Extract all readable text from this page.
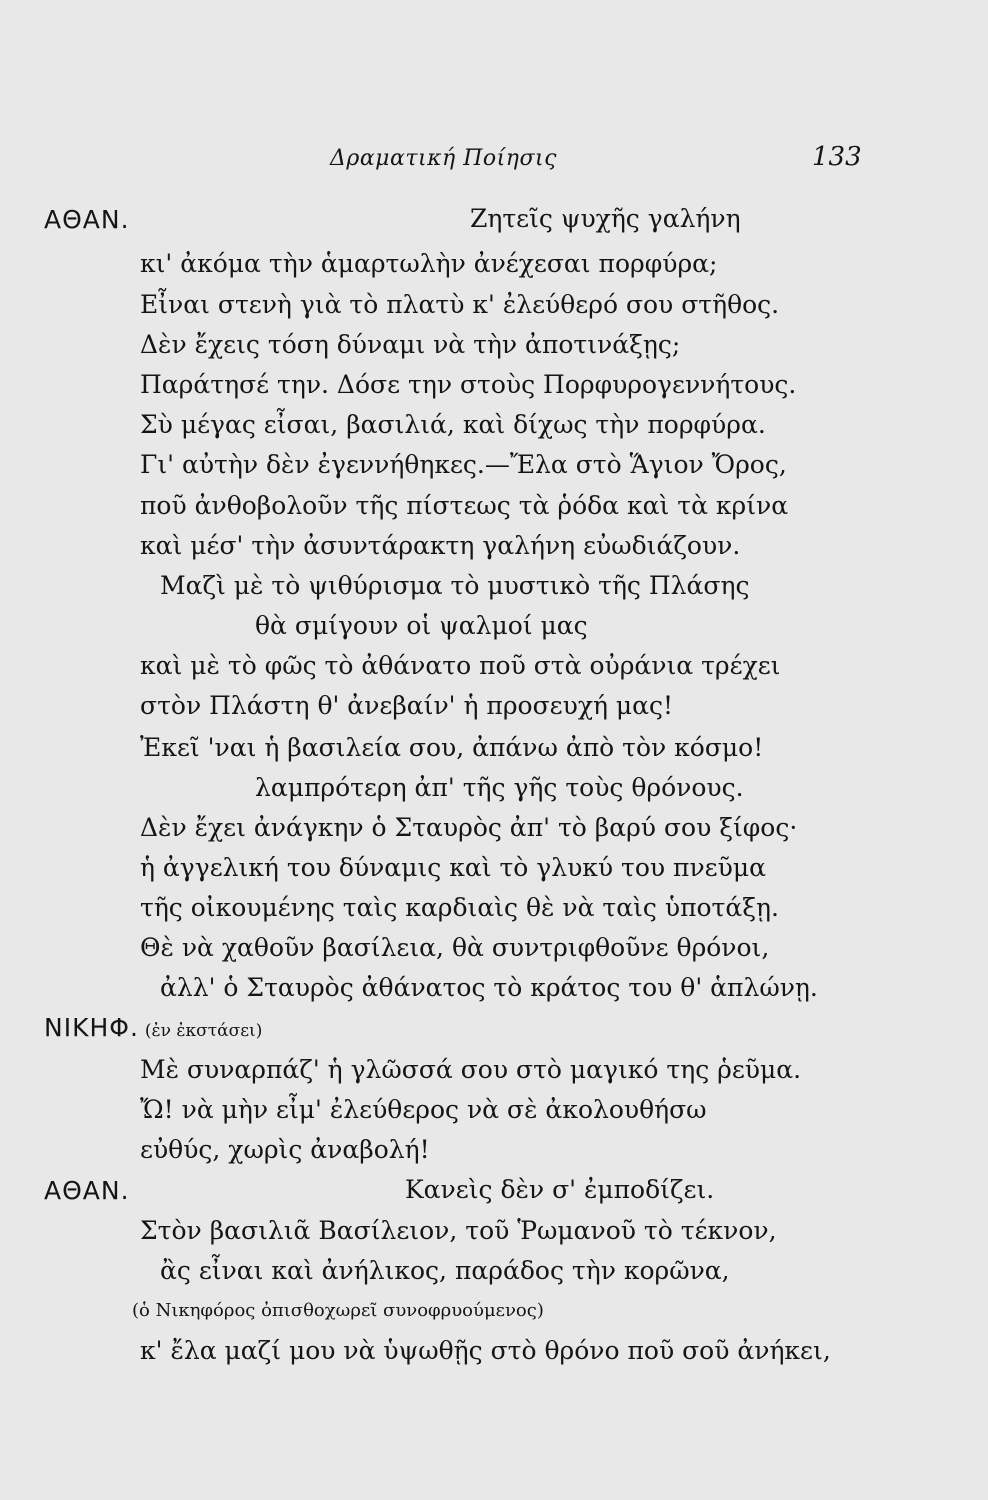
Δραματική Ποίησις	133
ΑΘΑΝ.	Ζητεῖς ψυχῆς γαλήνη
κι' ἀκόμα τὴν ἁμαρτωλὴν ἀνέχεσαι πορφύρα;
Εἶναι στενὴ γιὰ τὸ πλατὺ κ' ἐλεύθερό σου στῆθος.
Δὲν ἔχεις τόση δύναμι νὰ τὴν ἀποτινάξῃς;
Παράτησέ την. Δόσε την στοὺς Πορφυρογεννήτους.
Σὺ μέγας εἶσαι, βασιλιά, καὶ δίχως τὴν πορφύρα.
Γι' αὐτὴν δὲν ἐγεννήθηκες.—Ἔλα στὸ Ἅγιον Ὄρος,
ποῦ ἀνθοβολοῦν τῆς πίστεως τὰ ῥόδα καὶ τὰ κρίνα
καὶ μέσ' τὴν ἀσυντάρακτη γαλήνη εὐωδιάζουν.
Μαζὶ μὲ τὸ ψιθύρισμα τὸ μυστικὸ τῆς Πλάσης
θὰ σμίγουν οἱ ψαλμοί μας
καὶ μὲ τὸ φῶς τὸ ἀθάνατο ποῦ στὰ οὐράνια τρέχει
στὸν Πλάστη θ' ἀνεβαίν' ἡ προσευχή μας!
Ἐκεῖ 'ναι ἡ βασιλεία σου, ἀπάνω ἀπὸ τὸν κόσμο!
λαμπρότερη ἀπ' τῆς γῆς τοὺς θρόνους.
Δὲν ἔχει ἀνάγκην ὁ Σταυρὸς ἀπ' τὸ βαρύ σου ξίφος·
ἡ ἀγγελική του δύναμις καὶ τὸ γλυκύ του πνεῦμα
τῆς οἰκουμένης ταὶς καρδιαὶς θὲ νὰ ταὶς ὑποτάξῃ.
Θὲ νὰ χαθοῦν βασίλεια, θὰ συντριφθοῦνε θρόνοι,
ἀλλ' ὁ Σταυρὸς ἀθάνατος τὸ κράτος του θ' ἁπλώνῃ.
ΝΙΚΗΦ. (ἐν ἐκστάσει)
Μὲ συναρπάζ' ἡ γλῶσσά σου στὸ μαγικό της ῥεῦμα.
Ὤ! νὰ μὴν εἶμ' ἐλεύθερος νὰ σὲ ἀκολουθήσω
εὐθύς, χωρὶς ἀναβολή!
ΑΘΑΝ.	Κανεὶς δὲν σ' ἐμποδίζει.
Στὸν βασιλιᾶ Βασίλειον, τοῦ Ῥωμανοῦ τὸ τέκνον,
ἂς εἶναι καὶ ἀνήλικος, παράδος τὴν κορῶνα,
(ὁ Νικηφόρος ὀπισθοχωρεῖ συνοφρυούμενος)
κ' ἔλα μαζί μου νὰ ὑψωθῇς στὸ θρόνο ποῦ σοῦ ἀνήκει,
